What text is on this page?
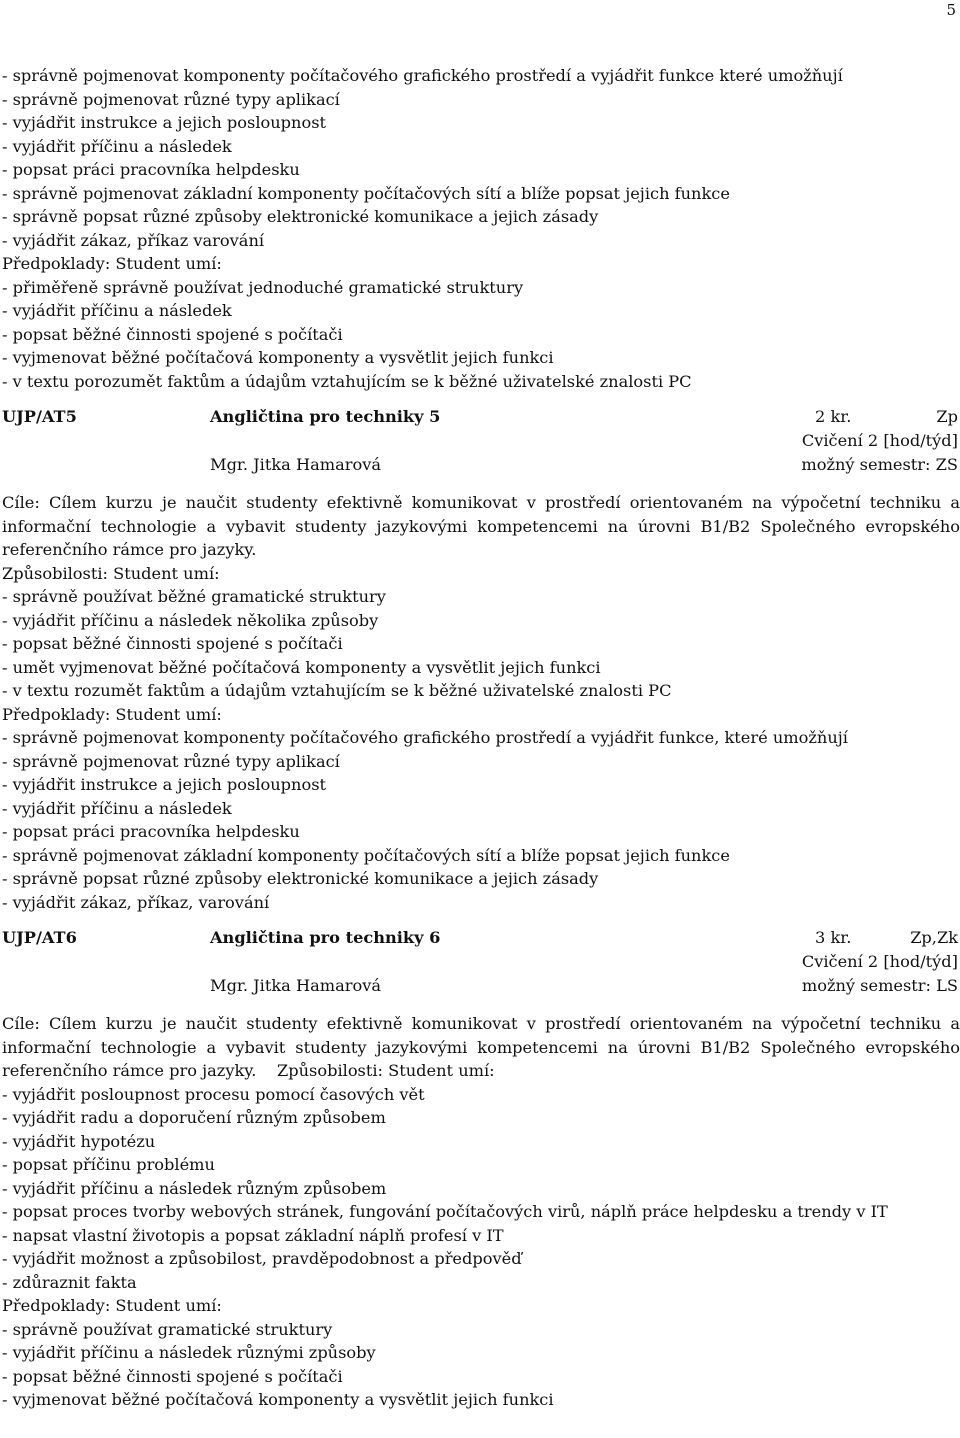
5
- správně pojmenovat komponenty počítačového grafického prostředí a vyjádřit funkce které umožňují
- správně pojmenovat různé typy aplikací
- vyjádřit instrukce a jejich posloupnost
- vyjádřit příčinu a následek
- popsat práci pracovníka helpdesku
- správně pojmenovat základní komponenty počítačových sítí a blíže popsat jejich funkce
- správně popsat různé způsoby elektronické komunikace a jejich zásady
- vyjádřit zákaz, příkaz varování
Předpoklady: Student umí:
- přiměřeně správně používat jednoduché gramatické struktury
- vyjádřit příčinu a následek
- popsat běžné činnosti spojené s počítači
- vyjmenovat běžné počítačová komponenty a vysvětlit jejich funkci
- v textu porozumět faktům a údajům vztahujícím se k běžné uživatelské znalosti PC
UJP/AT5	Angličtina pro techniky 5	2 kr.	Zp
Cvičení 2 [hod/týd]
Mgr. Jitka Hamarová	možný semestr: ZS
Cíle: Cílem kurzu je naučit studenty efektivně komunikovat v prostředí orientovaném na výpočetní techniku a informační technologie a vybavit studenty jazykovými kompetencemi na úrovni B1/B2 Společného evropského referenčního rámce pro jazyky.
Způsobilosti: Student umí:
- správně používat běžné gramatické struktury
- vyjádřit příčinu a následek několika způsoby
- popsat běžné činnosti spojené s počítači
- umět vyjmenovat běžné počítačová komponenty a vysvětlit jejich funkci
- v textu rozumět faktům a údajům vztahujícím se k běžné uživatelské znalosti PC
Předpoklady: Student umí:
- správně pojmenovat komponenty počítačového grafického prostředí a vyjádřit funkce, které umožňují
- správně pojmenovat různé typy aplikací
- vyjádřit instrukce a jejich posloupnost
- vyjádřit příčinu a následek
- popsat práci pracovníka helpdesku
- správně pojmenovat základní komponenty počítačových sítí a blíže popsat jejich funkce
- správně popsat různé způsoby elektronické komunikace a jejich zásady
- vyjádřit zákaz, příkaz, varování
UJP/AT6	Angličtina pro techniky 6	3 kr.	Zp,Zk
Cvičení 2 [hod/týd]
Mgr. Jitka Hamarová	možný semestr: LS
Cíle: Cílem kurzu je naučit studenty efektivně komunikovat v prostředí orientovaném na výpočetní techniku a informační technologie a vybavit studenty jazykovými kompetencemi na úrovni B1/B2 Společného evropského referenčního rámce pro jazyky.    Způsobilosti: Student umí:
- vyjádřit posloupnost procesu pomocí časových vět
- vyjádřit radu a doporučení různým způsobem
- vyjádřit hypotézu
- popsat příčinu problému
- vyjádřit příčinu a následek různým způsobem
- popsat proces tvorby webových stránek, fungování počítačových virů, náplň práce helpdesku a trendy v IT
- napsat vlastní životopis a popsat základní náplň profesí v IT
- vyjádřit možnost a způsobilost, pravděpodobnost a předpověď
- zdůraznit fakta
Předpoklady: Student umí:
- správně používat gramatické struktury
- vyjádřit příčinu a následek různými způsoby
- popsat běžné činnosti spojené s počítači
- vyjmenovat běžné počítačová komponenty a vysvětlit jejich funkci
